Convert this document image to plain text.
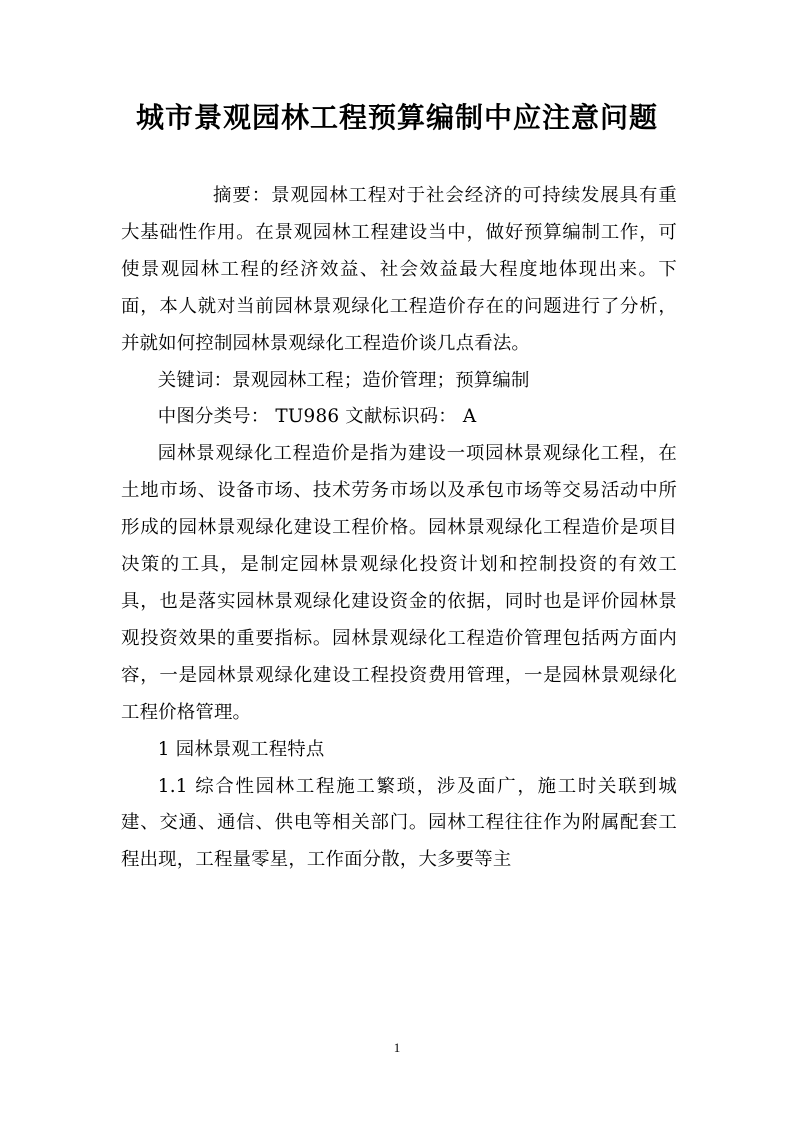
城市景观园林工程预算编制中应注意问题

摘要：景观园林工程对于社会经济的可持续发展具有重大基础性作用。在景观园林工程建设当中，做好预算编制工作，可使景观园林工程的经济效益、社会效益最大程度地体现出来。下面，本人就对当前园林景观绿化工程造价存在的问题进行了分析，并就如何控制园林景观绿化工程造价谈几点看法。

关键词：景观园林工程；造价管理；预算编制

中图分类号： TU986 文献标识码： A

园林景观绿化工程造价是指为建设一项园林景观绿化工程，在土地市场、设备市场、技术劳务市场以及承包市场等交易活动中所形成的园林景观绿化建设工程价格。园林景观绿化工程造价是项目决策的工具，是制定园林景观绿化投资计划和控制投资的有效工具，也是落实园林景观绿化建设资金的依据，同时也是评价园林景观投资效果的重要指标。园林景观绿化工程造价管理包括两方面内容，一是园林景观绿化建设工程投资费用管理，一是园林景观绿化工程价格管理。

1 园林景观工程特点

1.1 综合性园林工程施工繁琐，涉及面广，施工时关联到城建、交通、通信、供电等相关部门。园林工程往往作为附属配套工程出现，工程量零星，工作面分散，大多要等主

1
